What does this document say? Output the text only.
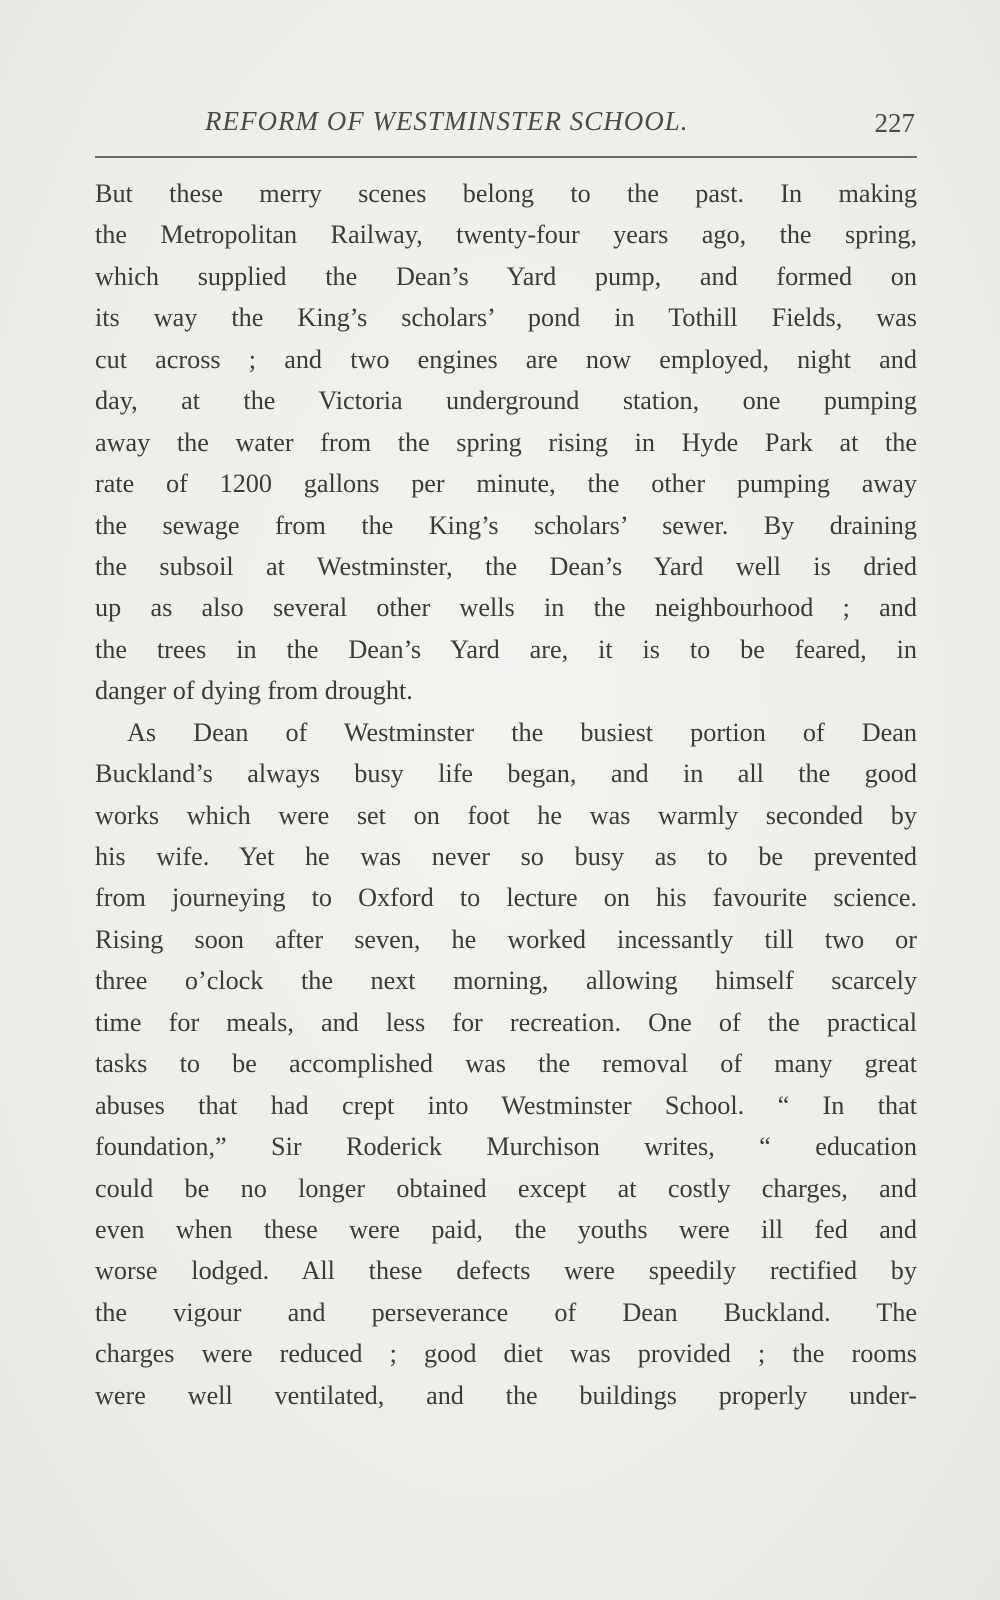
REFORM OF WESTMINSTER SCHOOL.	227
But these merry scenes belong to the past. In making
the Metropolitan Railway, twenty-four years ago, the spring,
which supplied the Dean’s Yard pump, and formed on
its way the King’s scholars’ pond in Tothill Fields, was
cut across ; and two engines are now employed, night and
day, at the Victoria underground station, one pumping
away the water from the spring rising in Hyde Park at the
rate of 1200 gallons per minute, the other pumping away
the sewage from the King’s scholars’ sewer. By draining
the subsoil at Westminster, the Dean’s Yard well is dried
up as also several other wells in the neighbourhood ; and
the trees in the Dean’s Yard are, it is to be feared, in
danger of dying from drought.
As Dean of Westminster the busiest portion of Dean
Buckland’s always busy life began, and in all the good
works which were set on foot he was warmly seconded by
his wife. Yet he was never so busy as to be prevented
from journeying to Oxford to lecture on his favourite science.
Rising soon after seven, he worked incessantly till two or
three o’clock the next morning, allowing himself scarcely
time for meals, and less for recreation. One of the practical
tasks to be accomplished was the removal of many great
abuses that had crept into Westminster School. “ In that
foundation,” Sir Roderick Murchison writes, “ education
could be no longer obtained except at costly charges, and
even when these were paid, the youths were ill fed and
worse lodged. All these defects were speedily rectified by
the vigour and perseverance of Dean Buckland. The
charges were reduced ; good diet was provided ; the rooms
were well ventilated, and the buildings properly under-
